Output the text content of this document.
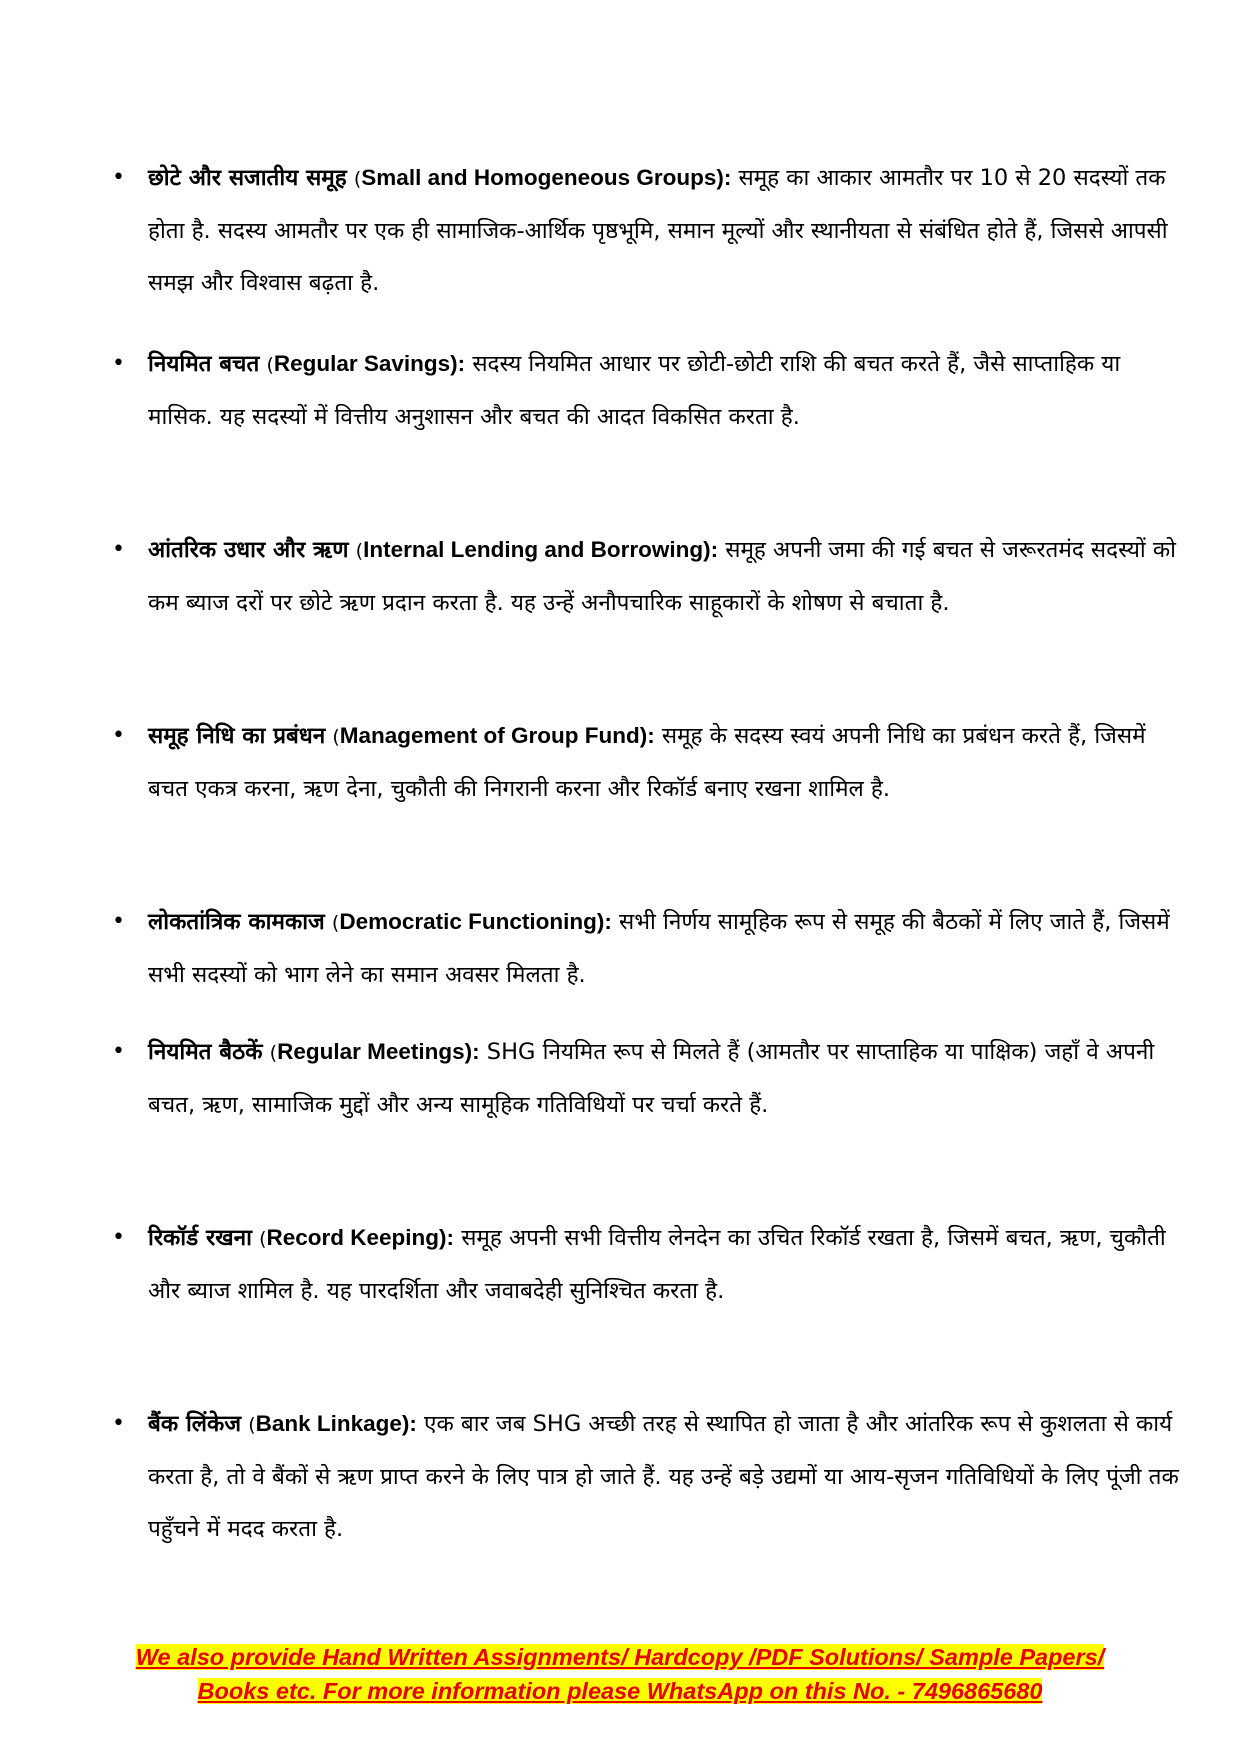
•	छोटे और सजातीय समूह (Small and Homogeneous Groups): समूह का आकार आमतौर पर 10 से 20 सदस्यों तक होता है. सदस्य आमतौर पर एक ही सामाजिक-आर्थिक पृष्ठभूमि, समान मूल्यों और स्थानीयता से संबंधित होते हैं, जिससे आपसी समझ और विश्वास बढ़ता है.
•	नियमित बचत (Regular Savings): सदस्य नियमित आधार पर छोटी-छोटी राशि की बचत करते हैं, जैसे साप्ताहिक या मासिक. यह सदस्यों में वित्तीय अनुशासन और बचत की आदत विकसित करता है.
•	आंतरिक उधार और ऋण (Internal Lending and Borrowing): समूह अपनी जमा की गई बचत से जरूरतमंद सदस्यों को कम ब्याज दरों पर छोटे ऋण प्रदान करता है. यह उन्हें अनौपचारिक साहूकारों के शोषण से बचाता है.
•	समूह निधि का प्रबंधन (Management of Group Fund): समूह के सदस्य स्वयं अपनी निधि का प्रबंधन करते हैं, जिसमें बचत एकत्र करना, ऋण देना, चुकौती की निगरानी करना और रिकॉर्ड बनाए रखना शामिल है.
•	लोकतांत्रिक कामकाज (Democratic Functioning): सभी निर्णय सामूहिक रूप से समूह की बैठकों में लिए जाते हैं, जिसमें सभी सदस्यों को भाग लेने का समान अवसर मिलता है.
•	नियमित बैठकें (Regular Meetings): SHG नियमित रूप से मिलते हैं (आमतौर पर साप्ताहिक या पाक्षिक) जहाँ वे अपनी बचत, ऋण, सामाजिक मुद्दों और अन्य सामूहिक गतिविधियों पर चर्चा करते हैं.
•	रिकॉर्ड रखना (Record Keeping): समूह अपनी सभी वित्तीय लेनदेन का उचित रिकॉर्ड रखता है, जिसमें बचत, ऋण, चुकौती और ब्याज शामिल है. यह पारदर्शिता और जवाबदेही सुनिश्चित करता है.
•	बैंक लिंकेज (Bank Linkage): एक बार जब SHG अच्छी तरह से स्थापित हो जाता है और आंतरिक रूप से कुशलता से कार्य करता है, तो वे बैंकों से ऋण प्राप्त करने के लिए पात्र हो जाते हैं. यह उन्हें बड़े उद्यमों या आय-सृजन गतिविधियों के लिए पूंजी तक पहुँचने में मदद करता है.
We also provide Hand Written Assignments/ Hardcopy /PDF Solutions/ Sample Papers/
Books etc. For more information please WhatsApp on this No. - 7496865680
